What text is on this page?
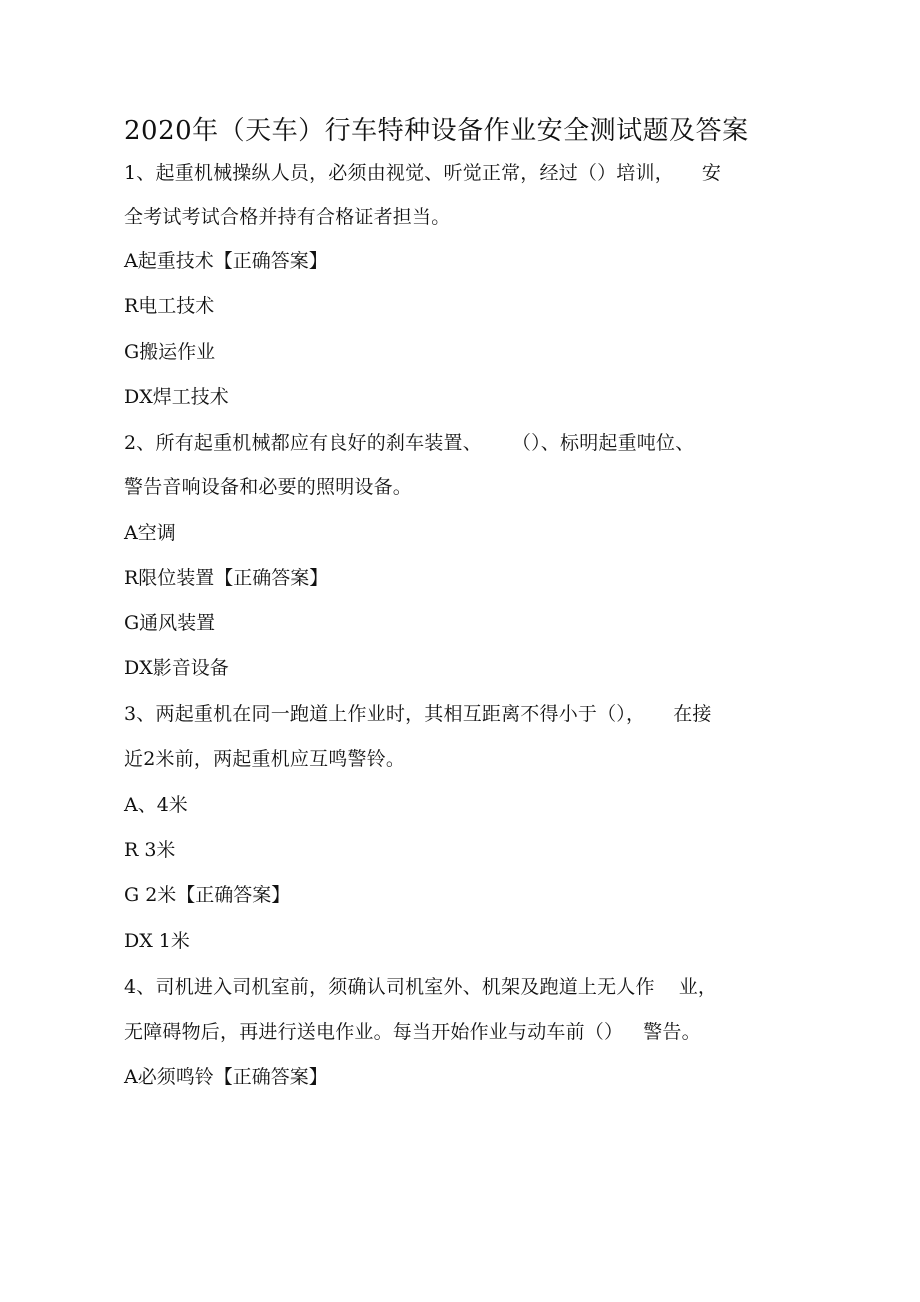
2020年（天车）行车特种设备作业安全测试题及答案
1、起重机械操纵人员，必须由视觉、听觉正常，经过（）培训， 安
全考试考试合格并持有合格证者担当。
A起重技术【正确答案】
R电工技术
G搬运作业
DX焊工技术
2、所有起重机械都应有良好的刹车装置、 （）、标明起重吨位、
警告音响设备和必要的照明设备。
A空调
R限位装置【正确答案】
G通风装置
DX影音设备
3、两起重机在同一跑道上作业时，其相互距离不得小于（）， 在接
近2米前，两起重机应互鸣警铃。
A、4米
R 3米
G 2米【正确答案】
DX 1米
4、司机进入司机室前，须确认司机室外、机架及跑道上无人作 业，
无障碍物后，再进行送电作业。每当开始作业与动车前（） 警告。
A必须鸣铃【正确答案】
